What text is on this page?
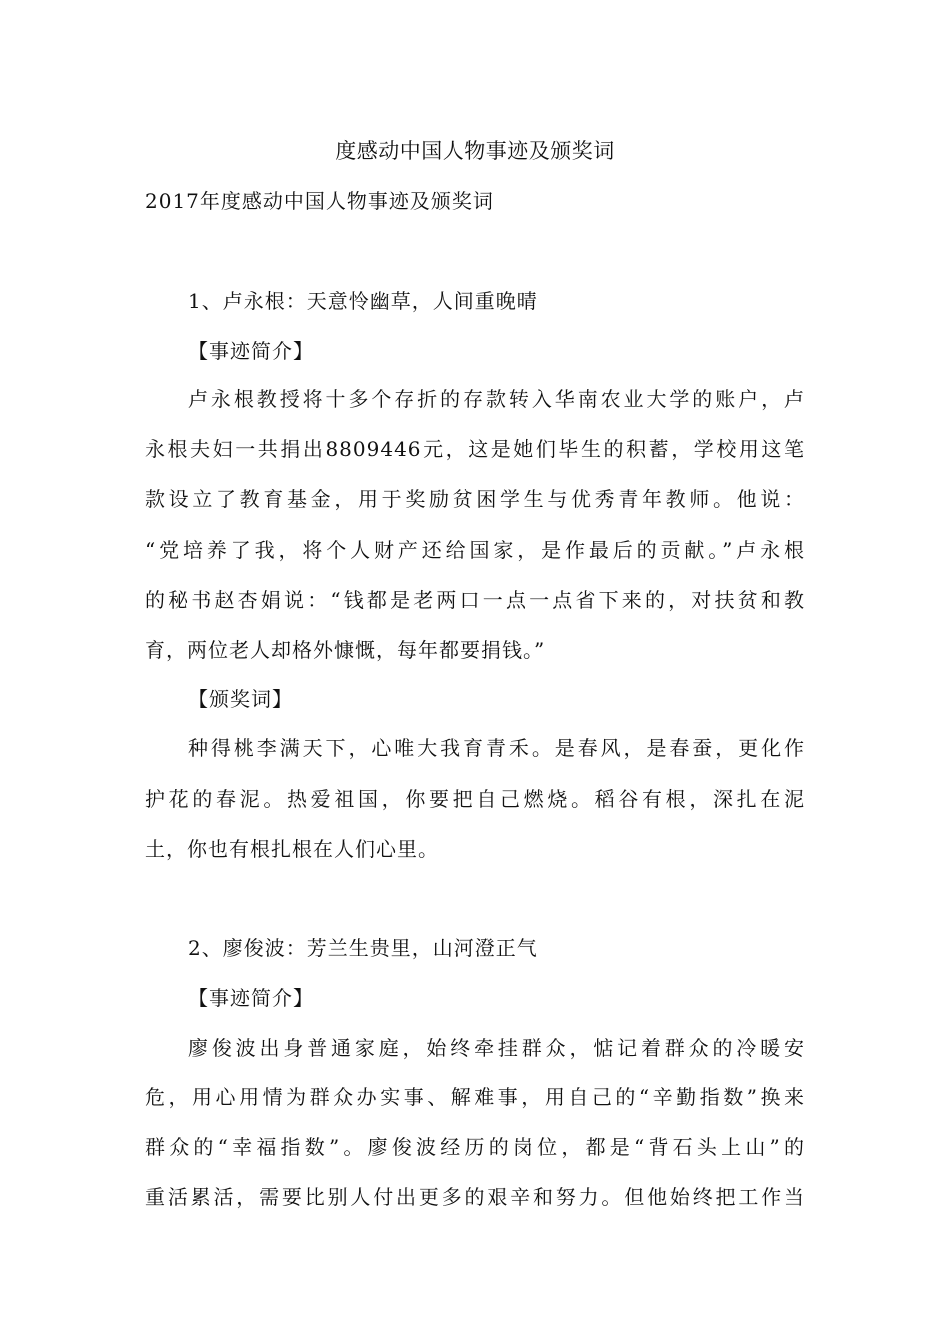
度感动中国人物事迹及颁奖词
2017年度感动中国人物事迹及颁奖词
1、卢永根：天意怜幽草，人间重晚晴
【事迹简介】
卢永根教授将十多个存折的存款转入华南农业大学的账户，卢
永根夫妇一共捐出8809446元，这是她们毕生的积蓄，学校用这笔
款设立了教育基金，用于奖励贫困学生与优秀青年教师。他说：
“党培养了我，将个人财产还给国家，是作最后的贡献。”卢永根
的秘书赵杏娟说：“钱都是老两口一点一点省下来的，对扶贫和教
育，两位老人却格外慷慨，每年都要捐钱。”
【颁奖词】
种得桃李满天下，心唯大我育青禾。是春风，是春蚕，更化作
护花的春泥。热爱祖国，你要把自己燃烧。稻谷有根，深扎在泥
土，你也有根扎根在人们心里。
2、廖俊波：芳兰生贵里，山河澄正气
【事迹简介】
廖俊波出身普通家庭，始终牵挂群众，惦记着群众的冷暖安
危，用心用情为群众办实事、解难事，用自己的“辛勤指数”换来
群众的“幸福指数”。廖俊波经历的岗位，都是“背石头上山”的
重活累活，需要比别人付出更多的艰辛和努力。但他始终把工作当
